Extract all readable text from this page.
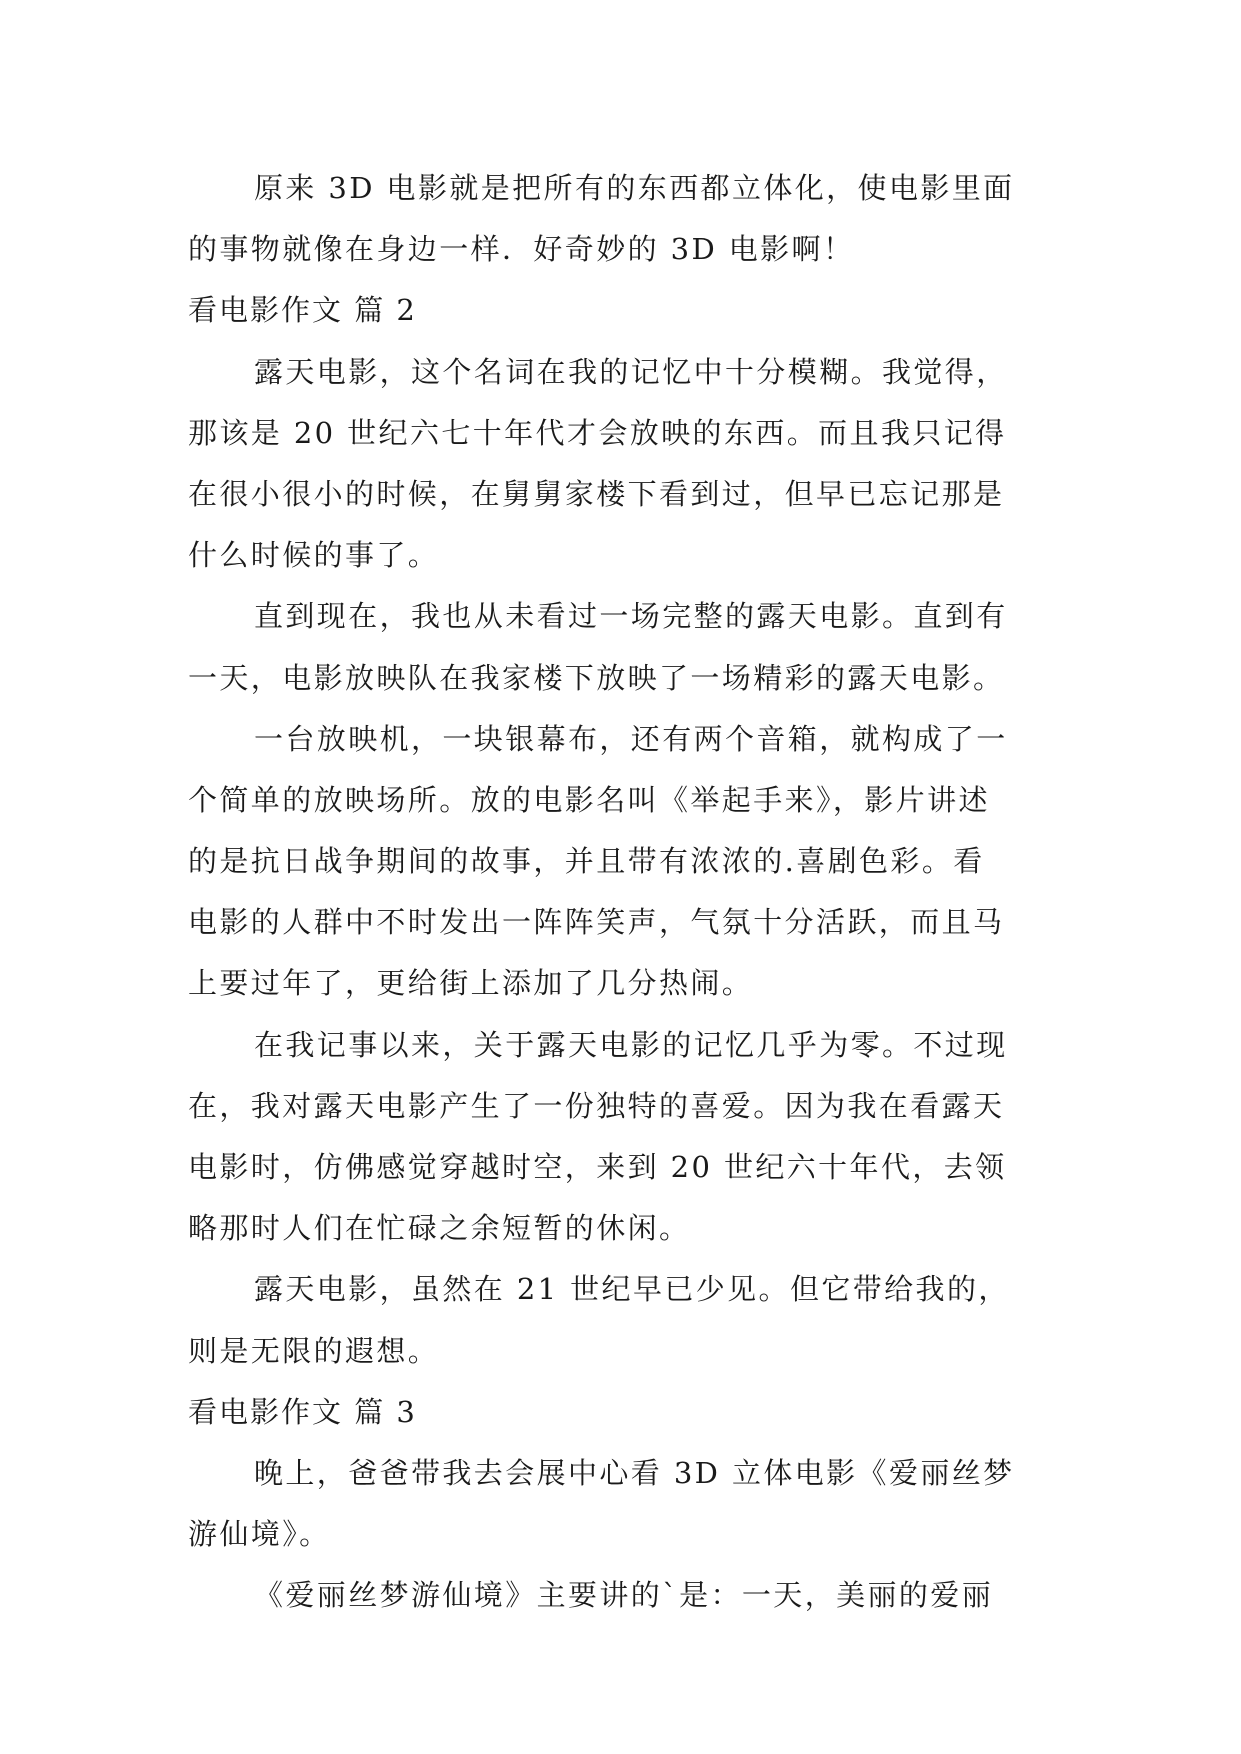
原来 3D 电影就是把所有的东西都立体化，使电影里面
的事物就像在身边一样．好奇妙的 3D 电影啊！
看电影作文 篇 2
露天电影，这个名词在我的记忆中十分模糊。我觉得，
那该是 20 世纪六七十年代才会放映的东西。而且我只记得
在很小很小的时候，在舅舅家楼下看到过，但早已忘记那是
什么时候的事了。
直到现在，我也从未看过一场完整的露天电影。直到有
一天，电影放映队在我家楼下放映了一场精彩的露天电影。
一台放映机，一块银幕布，还有两个音箱，就构成了一
个简单的放映场所。放的电影名叫《举起手来》，影片讲述
的是抗日战争期间的故事，并且带有浓浓的.喜剧色彩。看
电影的人群中不时发出一阵阵笑声，气氛十分活跃，而且马
上要过年了，更给街上添加了几分热闹。
在我记事以来，关于露天电影的记忆几乎为零。不过现
在，我对露天电影产生了一份独特的喜爱。因为我在看露天
电影时，仿佛感觉穿越时空，来到 20 世纪六十年代，去领
略那时人们在忙碌之余短暂的休闲。
露天电影，虽然在 21 世纪早已少见。但它带给我的，
则是无限的遐想。
看电影作文 篇 3
晚上，爸爸带我去会展中心看 3D 立体电影《爱丽丝梦
游仙境》。
《爱丽丝梦游仙境》主要讲的`是：一天，美丽的爱丽
